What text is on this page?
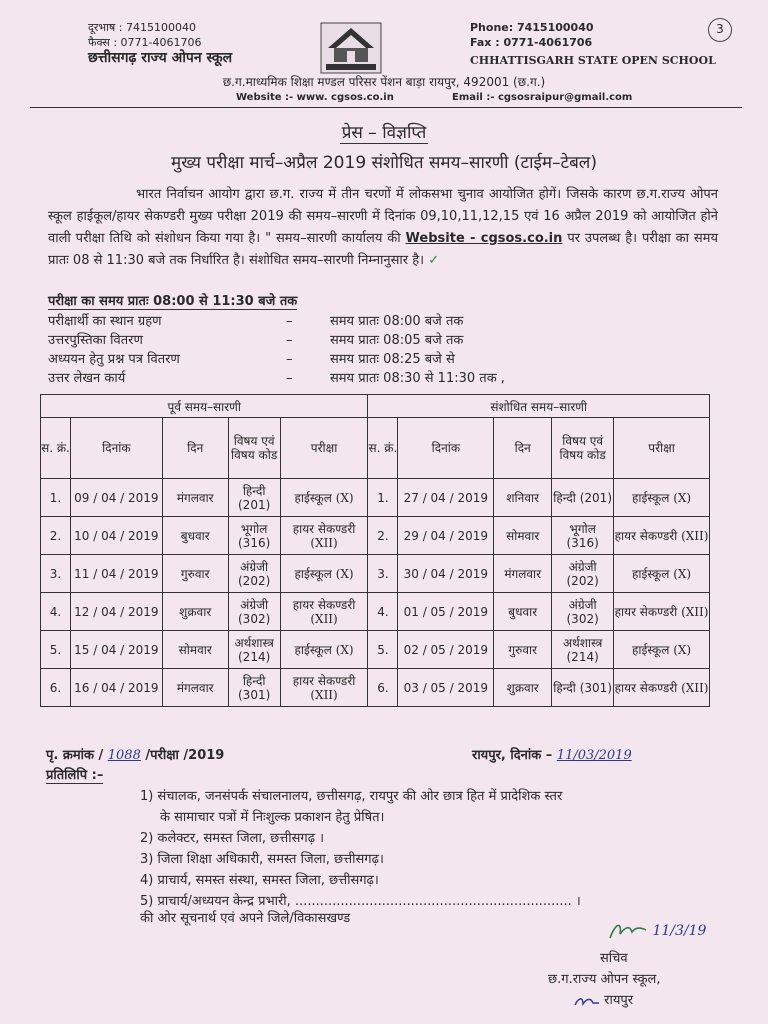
दूरभाष : 7415100040
फैक्स : 0771-4061706
छत्तीसगढ़ राज्य ओपन स्कूल
Phone: 7415100040
Fax : 0771-4061706
CHHATTISGARH STATE OPEN SCHOOL
3
छ.ग.माध्यमिक शिक्षा मण्डल परिसर पेंशन बाड़ा रायपुर, 492001 (छ.ग.)
Website :- www. cgsos.co.in	Email :- cgsosraipur@gmail.com
प्रेस – विज्ञप्ति
मुख्य परीक्षा मार्च–अप्रैल 2019 संशोधित समय–सारणी (टाईम–टेबल)
भारत निर्वाचन आयोग द्वारा छ.ग. राज्य में तीन चरणों में लोकसभा चुनाव आयोजित होगें। जिसके कारण छ.ग.राज्य ओपन स्कूल हाईकूल/हायर सेकण्डरी मुख्य परीक्षा 2019 की समय–सारणी में दिनांक 09,10,11,12,15 एवं 16 अप्रैल 2019 को आयोजित होने वाली परीक्षा तिथि को संशोधन किया गया है। " समय–सारणी कार्यालय की Website - cgsos.co.in पर उपलब्ध है। परीक्षा का समय प्रातः 08 से 11:30 बजे तक निर्धारित है। संशोधित समय–सारणी निम्नानुसार है। ✓
परीक्षा का समय प्रातः 08:00 से 11:30 बजे तक
परीक्षार्थी का स्थान ग्रहण	–	समय प्रातः 08:00 बजे तक
उत्तरपुस्तिका वितरण	–	समय प्रातः 08:05 बजे तक
अध्ययन हेतु प्रश्न पत्र वितरण	–	समय प्रातः 08:25 बजे से
उत्तर लेखन कार्य	–	समय प्रातः 08:30 से 11:30 तक ,
पूर्व समय–सारणी					संशोधित समय–सारणी				
स. क्रं.	दिनांक	दिन	विषय एवं विषय कोड	परीक्षा	स. क्रं.	दिनांक	दिन	विषय एवं विषय कोड	परीक्षा
1.	09 / 04 / 2019	मंगलवार	हिन्दी (201)	हाईस्कूल (X)	1.	27 / 04 / 2019	शनिवार	हिन्दी (201)	हाईस्कूल (X)
2.	10 / 04 / 2019	बुधवार	भूगोल (316)	हायर सेकण्डरी (XII)	2.	29 / 04 / 2019	सोमवार	भूगोल (316)	हायर सेकण्डरी (XII)
3.	11 / 04 / 2019	गुरुवार	अंग्रेजी (202)	हाईस्कूल (X)	3.	30 / 04 / 2019	मंगलवार	अंग्रेजी (202)	हाईस्कूल (X)
4.	12 / 04 / 2019	शुक्रवार	अंग्रेजी (302)	हायर सेकण्डरी (XII)	4.	01 / 05 / 2019	बुधवार	अंग्रेजी (302)	हायर सेकण्डरी (XII)
5.	15 / 04 / 2019	सोमवार	अर्थशास्त्र (214)	हाईस्कूल (X)	5.	02 / 05 / 2019	गुरुवार	अर्थशास्त्र (214)	हाईस्कूल (X)
6.	16 / 04 / 2019	मंगलवार	हिन्दी (301)	हायर सेकण्डरी (XII)	6.	03 / 05 / 2019	शुक्रवार	हिन्दी (301)	हायर सेकण्डरी (XII)
पृ. क्रमांक / 1088 /परीक्षा /2019	रायपुर, दिनांक – 11/03/2019
प्रतिलिपि :–
1) संचालक, जनसंपर्क संचालनालय, छत्तीसगढ़, रायपुर की ओर छात्र हित में प्रादेशिक स्तर
के सामाचार पत्रों में निःशुल्क प्रकाशन हेतु प्रेषित।
2) कलेक्टर, समस्त जिला, छत्तीसगढ़ ।
3) जिला शिक्षा अधिकारी, समस्त जिला, छत्तीसगढ़।
4) प्राचार्य, समस्त संस्था, समस्त जिला, छत्तीसगढ़।
5) प्राचार्य/अध्ययन केन्द्र प्रभारी, ................................................................... ।
की ओर सूचनार्थ एवं अपने जिले/विकासखण्ड
11/3/19
सचिव
छ.ग.राज्य ओपन स्कूल,
रायपुर
